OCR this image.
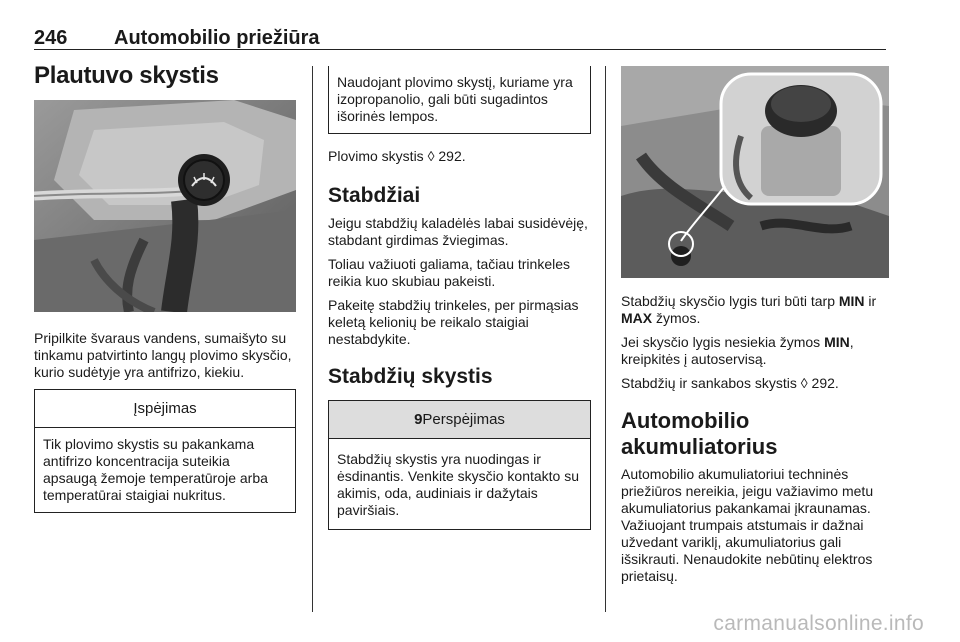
246 Automobilio priežiūra
Plautuvo skystis

Pripilkite švaraus vandens, sumaišyto su tinkamu patvirtinto langų plovimo skysčio, kurio sudėtyje yra antifrizo, kiekiu.

Įspėjimas
Tik plovimo skystis su pakankama antifrizo koncentracija suteikia apsaugą žemoje temperatūroje arba temperatūrai staigiai nukritus.
Naudojant plovimo skystį, kuriame yra izopropanolio, gali būti sugadintos išorinės lempos.

Plovimo skystis ◊ 292.

Stabdžiai

Jeigu stabdžių kaladėlės labai susidėvėję, stabdant girdimas žviegimas.

Toliau važiuoti galiama, tačiau trinkeles reikia kuo skubiau pakeisti.

Pakeitę stabdžių trinkeles, per pirmąsias keletą kelionių be reikalo staigiai nestabdykite.

Stabdžių skystis
9Perspėjimas
Stabdžių skystis yra nuodingas ir ėsdinantis. Venkite skysčio kontakto su akimis, oda, audiniais ir dažytais paviršiais.

Stabdžių skysčio lygis turi būti tarp MIN ir MAX žymos.

Jei skysčio lygis nesiekia žymos MIN, kreipkitės į autoservisą.

Stabdžių ir sankabos skystis ◊ 292.

Automobilio akumuliatorius

Automobilio akumuliatoriui techninės priežiūros nereikia, jeigu važiavimo metu akumuliatorius pakankamai įkraunamas. Važiuojant trumpais atstumais ir dažnai užvedant variklį, akumuliatorius gali išsikrauti. Nenaudokite nebūtinų elektros prietaisų.

carmanualsonline.info
